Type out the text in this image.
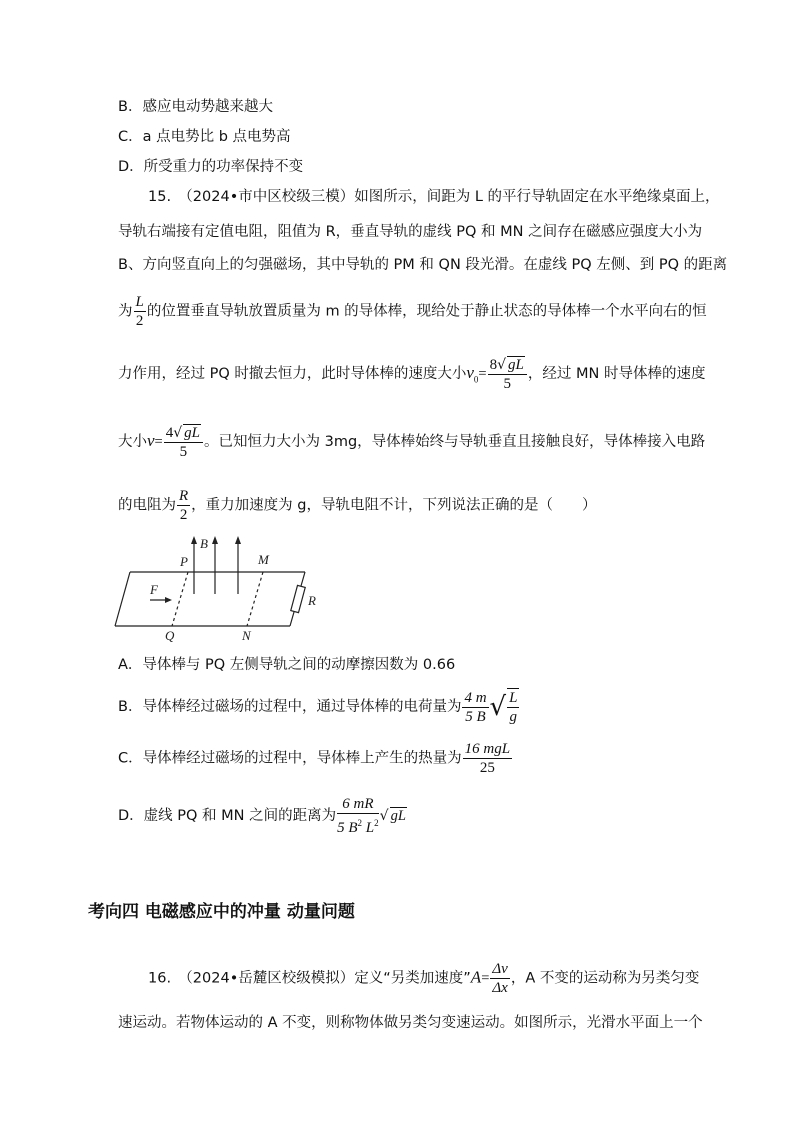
B．感应电动势越来越大
C．a 点电势比 b 点电势高
D．所受重力的功率保持不变
15.　（2024•市中区校级三模）如图所示，间距为 L 的平行导轨固定在水平绝缘桌面上，
导轨右端接有定值电阻，阻值为 R，垂直导轨的虚线 PQ 和 MN 之间存在磁感应强度大小为
B、方向竖直向上的匀强磁场，其中导轨的 PM 和 QN 段光滑。在虚线 PQ 左侧、到 PQ 的距离
为 $\frac{L}{2}$ 的位置垂直导轨放置质量为 m 的导体棒，现给处于静止状态的导体棒一个水平向右的恒
力作用，经过 PQ 时撤去恒力，此时导体棒的速度大小$v_0= \frac{8√ gL}{5}$ ，经过 MN 时导体棒的速度
大小$v= \frac{4√ gL}{5}$ 。已知恒力大小为 3mg，导体棒始终与导轨垂直且接触良好，导体棒接入电路
的电阻为 $\frac{R}{2}$ ，重力加速度为 g，导轨电阻不计，下列说法正确的是（　　）
P
B
M
F
R
Q	N
A．导体棒与 PQ 左侧导轨之间的动摩擦因数为 0.66
B．导体棒经过磁场的过程中，通过导体棒的电荷量为 $\frac{4 m}{5 B}$ √ $\frac{L}{g}$
C．导体棒经过磁场的过程中，导体棒上产生的热量为 $\frac{\text{16 mgL}}{25}$
D．虚线 PQ 和 MN 之间的距离为 $\frac{6 mR}{5 B^2 L^2}$ √ gL
考向四 电磁感应中的冲量 动量问题
16.　（2024•岳麓区校级模拟）定义“另类加速度”A= $\frac{\Delta v}{\Delta x}$ ，A 不变的运动称为另类匀变
速运动。若物体运动的 A 不变，则称物体做另类匀变速运动。如图所示，光滑水平面上一个
